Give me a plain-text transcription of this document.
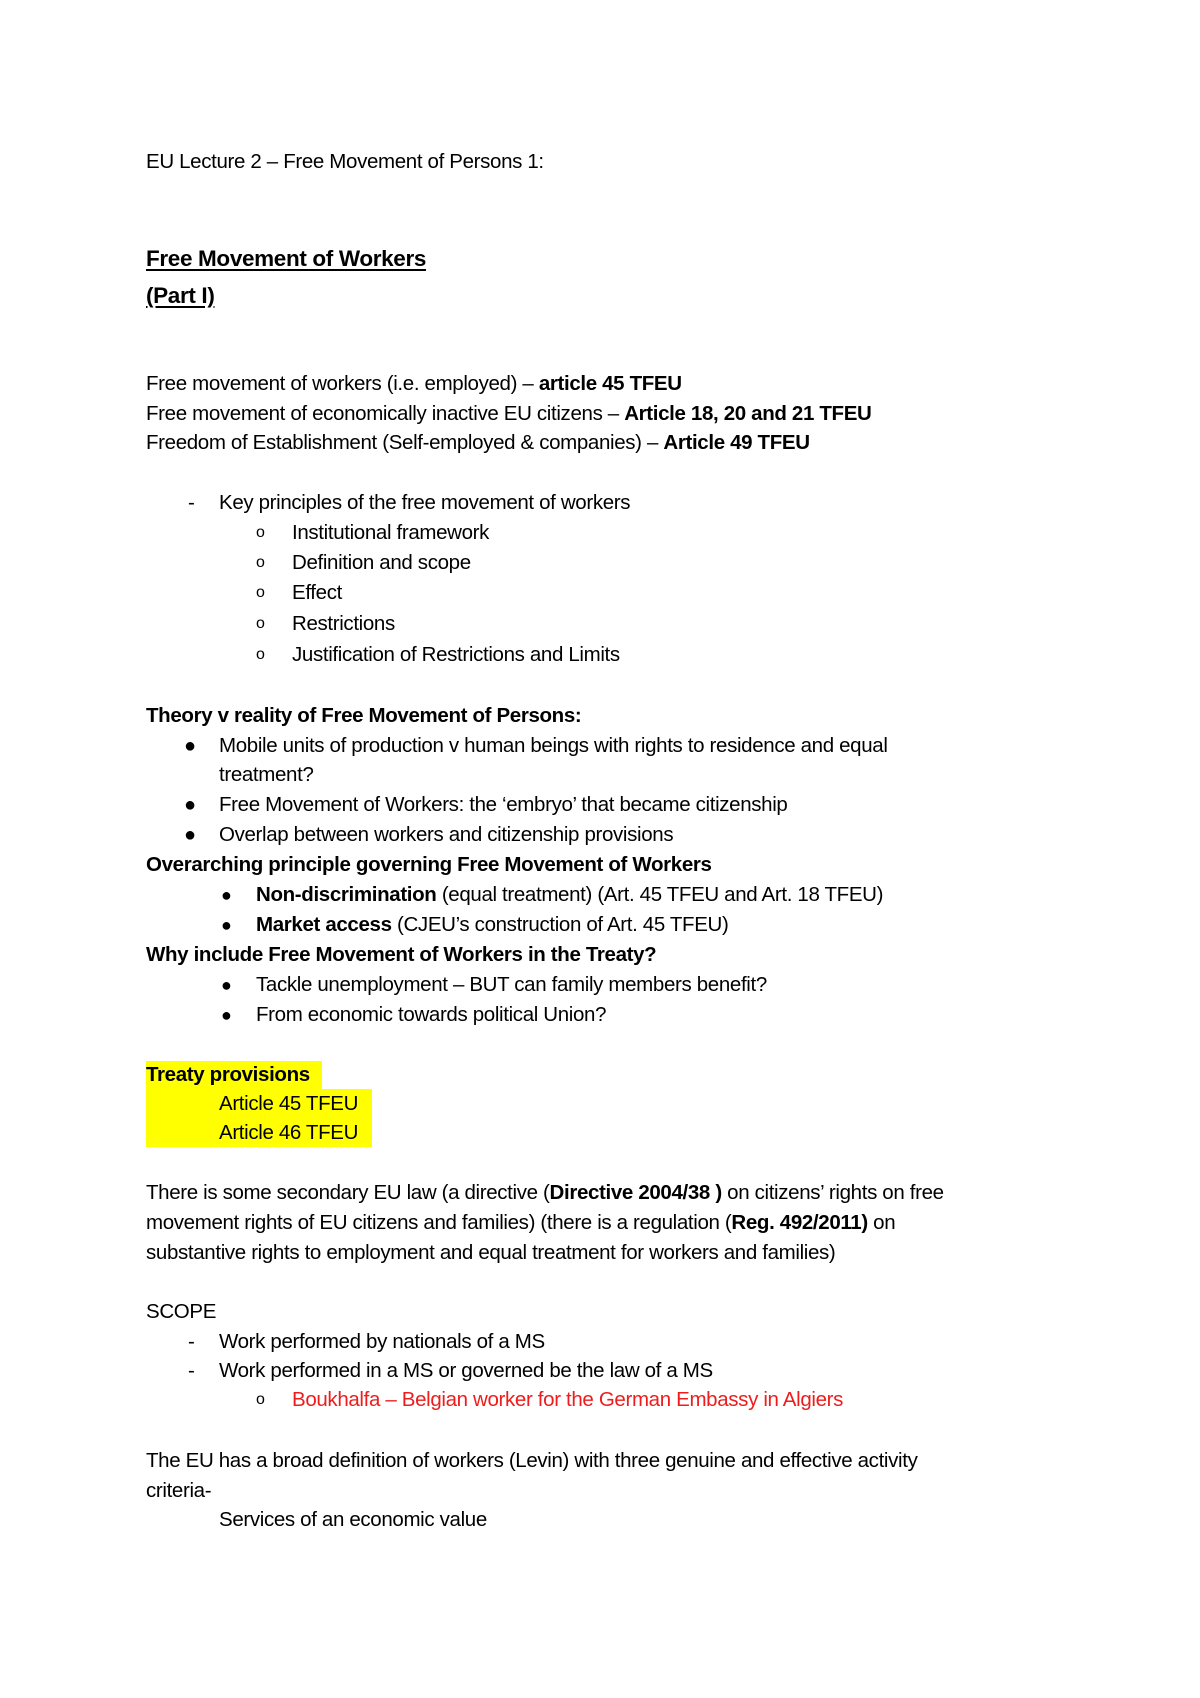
EU Lecture 2 – Free Movement of Persons 1:
Free Movement of Workers
(Part I)
Free movement of workers (i.e. employed) – article 45 TFEU
Free movement of economically inactive EU citizens – Article 18, 20 and 21 TFEU
Freedom of Establishment (Self-employed & companies) – Article 49 TFEU
- Key principles of the free movement of workers
o Institutional framework
o Definition and scope
o Effect
o Restrictions
o Justification of Restrictions and Limits
Theory v reality of Free Movement of Persons:
● Mobile units of production v human beings with rights to residence and equal
treatment?
● Free Movement of Workers: the ‘embryo’ that became citizenship
● Overlap between workers and citizenship provisions
Overarching principle governing Free Movement of Workers
● Non-discrimination (equal treatment) (Art. 45 TFEU and Art. 18 TFEU)
● Market access (CJEU’s construction of Art. 45 TFEU)
Why include Free Movement of Workers in the Treaty?
● Tackle unemployment – BUT can family members benefit?
● From economic towards political Union?
Treaty provisions
Article 45 TFEU
Article 46 TFEU
There is some secondary EU law (a directive (Directive 2004/38 ) on citizens’ rights on free
movement rights of EU citizens and families) (there is a regulation (Reg. 492/2011) on
substantive rights to employment and equal treatment for workers and families)
SCOPE
- Work performed by nationals of a MS
- Work performed in a MS or governed be the law of a MS
o Boukhalfa – Belgian worker for the German Embassy in Algiers
The EU has a broad definition of workers (Levin) with three genuine and effective activity
criteria-
Services of an economic value
